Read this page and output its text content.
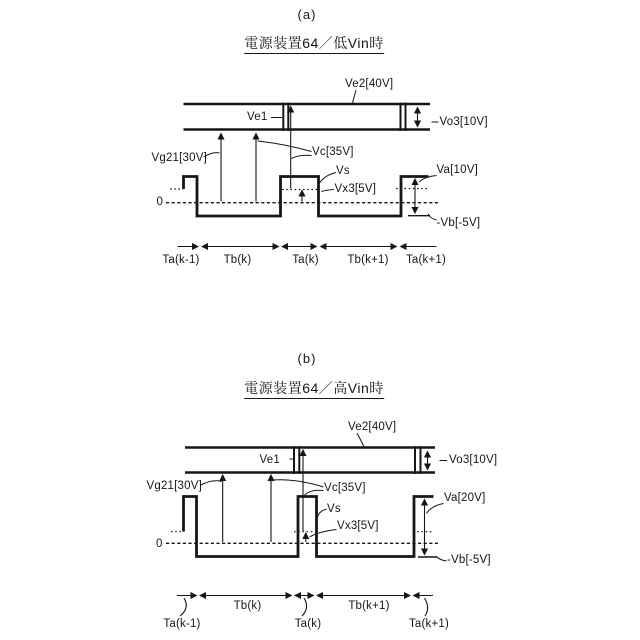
(a)
電源装置64／低Vin時
Ve2[40V]
Ve1	Vo3[10V]
Vg21[30V]	Vc[35V]
Vs
Vx3[5V]
Va[10V]
-Vb[-5V]
0
Ta(k-1) Tb(k)	Ta(k) Tb(k+1) Ta(k+1)
(b)
電源装置64／高Vin時
Ve2[40V]
Ve1	Vo3[10V]
Vg21[30V]	Vc[35V]
Vs
Vx3[5V]
Va[20V]
-Vb[-5V]
0
Tb(k)	Tb(k+1)
Ta(k-1)	Ta(k)	Ta(k+1)
